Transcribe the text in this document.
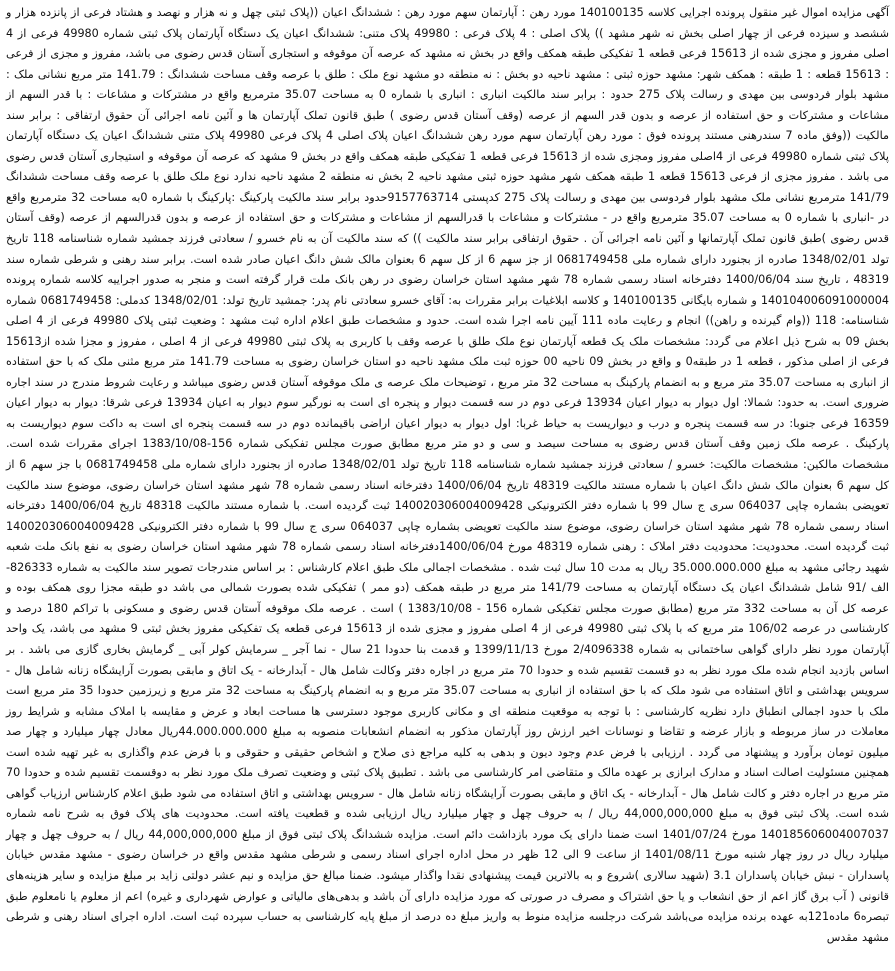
آگهی مزایده اموال غیر منقول پرونده اجرایی کلاسه 140100135 مورد رهن : آپارتمان سهم مورد رهن : ششدانگ اعیان ((پلاک ثبتی چهل و نه هزار و نهصد و هشتاد فرعی از پانزده هزار و ششصد و سیزده فرعی از چهار اصلی بخش نه شهر مشهد )) پلاک اصلی : 4 پلاک فرعی : 49980 پلاک متنی: ششدانگ اعیان یک دستگاه آپارتمان پلاک ثبتی شماره 49980 فرعی از 4 اصلی مفروز و مجزی شده از 15613 فرعی قطعه 1 تفکیکی طبقه همکف واقع در بخش نه مشهد که عرصه آن موقوفه و استجاری آستان قدس رضوی می باشد، مفروز و مجزی از فرعی : 15613 قطعه : 1 طبقه : همکف شهر: مشهد حوزه ثبتی : مشهد ناحیه دو بخش : نه منطقه دو مشهد نوع ملک : طلق با عرصه وقف مساحت ششدانگ : 141.79 متر مربع نشانی ملک : مشهد بلوار فردوسی بین مهدی و رسالت پلاک 275 حدود : برابر سند مالکیت انباری : انباری با شماره 0 به مساحت 35.07 مترمربع واقع در مشترکات و مشاعات : با قدر السهم از مشاعات و مشترکات و حق استفاده از عرصه و بدون قدر السهم از عرصه (وقف آستان قدس رضوی ) طبق قانون تملک آپارتمان ها و آئین نامه اجرائی آن حقوق ارتفاقی : برابر سند مالکیت ((وفق ماده 7 سندرهنی مستند پرونده فوق : مورد رهن آپارتمان سهم مورد رهن ششدانگ اعیان پلاک اصلی 4 پلاک فرعی 49980 پلاک متنی ششدانگ اعیان یک دستگاه آپارتمان پلاک ثبتی شماره 49980 فرعی از 4اصلی مفروز ومجزی شده از 15613 فرعی قطعه 1 تفکیکی طبقه همکف واقع در بخش 9 مشهد که عرصه آن موقوفه و استیجاری آستان قدس رضوی می باشد . مفروز مجزی از فرعی 15613 قطعه 1 طبقه همکف شهر مشهد حوزه ثبتی مشهد ناحیه 2 بخش نه منطقه 2 مشهد ناحیه ندارد نوع ملک طلق با عرصه وقف مساحت ششدانگ 141/79 مترمربع نشانی ملک مشهد بلوار فردوسی بین مهدی و رسالت پلاک 275 کدپستی 9157763714حدود برابر سند مالکیت پارکینگ :پارکینگ با شماره 0به مساحت 32 مترمربع واقع در -انباری با شماره 0 به مساحت 35.07 مترمربع واقع در - مشترکات و مشاعات با قدرالسهم از مشاعات و مشترکات و حق استفاده از عرصه و بدون قدرالسهم از عرصه (وقف آستان قدس رضوی )طبق قانون تملک آپارتمانها و آئین نامه اجرائی آن . حقوق ارتفاقی برابر سند مالکیت )) که سند مالکیت آن به نام خسرو / سعادتی فرزند جمشید شماره شناسنامه 118 تاریخ تولد 1348/02/01 صادره از بجنورد دارای شماره ملی 0681749458 از جز سهم 6 از کل سهم 6 بعنوان مالک شش دانگ اعیان صادر شده است. برابر سند رهنی و شرطی شماره سند 48319 ، تاریخ سند 1400/06/04 دفترخانه اسناد رسمی شماره 78 شهر مشهد استان خراسان رضوی در رهن بانک ملت قرار گرفته است و منجر به صدور اجراییه کلاسه شماره پرونده 140104006091000004 و شماره بایگانی 140100135 و کلاسه ابلاغیات برابر مقررات به: آقای خسرو سعادتی نام پدر: جمشید تاریخ تولد: 1348/02/01 کدملی: 0681749458 شماره شناسنامه: 118 ((وام گیرنده و راهن)) انجام و رعایت ماده 111 آیین نامه اجرا شده است. حدود و مشخصات طبق اعلام اداره ثبت مشهد : وضعیت ثبتی پلاک 49980 فرعی از 4 اصلی بخش 09 به شرح ذیل اعلام می گردد: مشخصات ملک یک قطعه آپارتمان نوع ملک طلق با عرصه وقف با کاربری به پلاک ثبتی 49980 فرعی از 4 اصلی ، مفروز و مجزا شده از15613 فرعی از اصلی مذکور ، قطعه 1 در طبقه0 و واقع در بخش 09 ناحیه 00 حوزه ثبت ملک مشهد ناحیه دو استان خراسان رضوی به مساحت 141.79 متر مربع مثنی ملک که با حق استفاده از انباری به مساحت 35.07 متر مربع و به انضمام پارکینگ به مساحت 32 متر مربع ، توضیحات ملک عرصه ی ملک موقوفه آستان قدس رضوی میباشد و رعایت شروط مندرج در سند اجاره ضروری است. به حدود: شمالا: اول دیوار به دیوار اعیان 13934 فرعی دوم در سه قسمت دیوار و پنجره ای است به نورگیر سوم دیوار به اعیان 13934 فرعی شرقا: دیوار به دیوار اعیان 16359 فرعی جنوبا: در سه قسمت پنجره و درب و دیواریست به حیاط غربا: اول دیوار به دیوار اعیان اراضی باقیمانده دوم در سه قسمت پنجره ای است به داکت سوم دیواریست به پارکینگ . عرصه ملک زمین وقف آستان قدس رضوی به مساحت سیصد و سی و دو متر مربع مطابق صورت مجلس تفکیکی شماره 156-1383/10/08 اجرای مقررات شده است. مشخصات مالکین: مشخصات مالکیت: خسرو / سعادتی فرزند جمشید شماره شناسنامه 118 تاریخ تولد 1348/02/01 صادره از بجنورد دارای شماره ملی 0681749458 با جز سهم 6 از کل سهم 6 بعنوان مالک شش دانگ اعیان با شماره مستند مالکیت 48319 تاریخ 1400/06/04 دفترخانه اسناد رسمی شماره 78 شهر مشهد استان خراسان رضوی، موضوع سند مالکیت تعویضی بشماره چاپی 064037 سری ج سال 99 با شماره دفتر الکترونیکی 140020306004009428 ثبت گردیده است. با شماره مستند مالکیت 48318 تاریخ 1400/06/04 دفترخانه اسناد رسمی شماره 78 شهر مشهد استان خراسان رضوی، موضوع سند مالکیت تعویضی بشماره چاپی 064037 سری ج سال 99 با شماره دفتر الکترونیکی 140020306004009428 ثبت گردیده است. محدودیت: محدودیت دفتر املاک : رهنی شماره 48319 مورخ 1400/06/04دفترخانه اسناد رسمی شماره 78 شهر مشهد استان خراسان رضوی به نفع بانک ملت شعبه شهید رجائی مشهد به مبلغ 35.000.000.000 ریال به مدت 10 سال ثبت شده . مشخصات اجمالی ملک طبق اعلام کارشناس : بر اساس مندرجات تصویر سند مالکیت به شماره 826333- الف /91 شامل ششدانگ اعیان یک دستگاه آپارتمان به مساحت 141/79 متر مربع در طبقه همکف (دو ممر ) تفکیکی شده بصورت شمالی می باشد دو طبقه مجزا روی همکف بوده و عرصه کل آن به مساحت 332 متر مربع (مطابق صورت مجلس تفکیکی شماره 156 - 1383/10/08 ) است . عرصه ملک موقوفه آستان قدس رضوی و مسکونی با تراکم 180 درصد و کارشناسی در عرصه 106/02 متر مربع که با پلاک ثبتی 49980 فرعی از 4 اصلی مفروز و مجزی شده از 15613 فرعی قطعه یک تفکیکی مفروز بخش ثبتی 9 مشهد می باشد، یک واحد آپارتمان مورد نظر دارای گواهی ساختمانی به شماره 2/4096338 مورخ 1399/11/13 و قدمت بنا حدودا 21 سال - نما آجر _ سرمایش کولر آبی _ گرمایش بخاری گازی می باشد . بر اساس بازدید انجام شده ملک مورد نظر به دو قسمت تقسیم شده و حدودا 70 متر مربع در اجاره دفتر وکالت شامل هال - آبدارخانه - یک اتاق و مابقی بصورت آرایشگاه زنانه شامل هال - سرویس بهداشتی و اتاق استفاده می شود ملک که با حق استفاده از انباری به مساحت 35.07 متر مربع و به انضمام پارکینگ به مساحت 32 متر مربع و زیرزمین حدودا 35 متر مربع است ملک با حدود اجمالی انطباق دارد نظریه کارشناسی : با توجه به موقعیت منطقه ای و مکانی کاربری موجود دسترسی ها مساحت ابعاد و عرض و مقایسه با املاک مشابه و شرایط روز معاملات در ساز مربوطه و بازار عرضه و تقاضا و نوسانات اخیر ارزش روز آپارتمان مذکور به انضمام انشعابات منصوبه به مبلغ 44.000.000.000ریال معادل چهار میلیارد و چهار صد میلیون تومان برآورد و پیشنهاد می گردد . ارزیابی با فرض عدم وجود دیون و بدهی به کلیه مراجع ذی صلاح و اشخاص حقیقی و حقوقی و با فرض عدم واگذاری به غیر تهیه شده است همچنین مسئولیت اصالت اسناد و مدارک ابرازی بر عهده مالک و متقاضی امر کارشناسی می باشد . تطبیق پلاک ثبتی و وضعیت تصرف ملک مورد نظر به دوقسمت تقسیم شده و حدودا 70 متر مربع در اجاره دفتر و کالت شامل هال - آبدارخانه - یک اتاق و مابقی بصورت آرایشگاه زنانه شامل هال - سرویس بهداشتی و اتاق استفاده می شود طبق اعلام کارشناس ارزیاب گواهی شده است. پلاک ثبتی فوق به مبلغ 44,000,000,000 ریال / به حروف چهل و چهار میلیارد ریال ارزیابی شده و قطعیت یافته است. محدودیت های پلاک فوق به شرح نامه شماره 140185606004007037 مورخ 1401/07/24 است ضمنا دارای یک مورد بازداشت دائم است. مزایده ششدانگ پلاک ثبتی فوق از مبلغ 44,000,000,000 ریال / به حروف چهل و چهار میلیارد ریال در روز چهار شنبه مورخ 1401/08/11 از ساعت 9 الی 12 ظهر در محل اداره اجرای اسناد رسمی و شرطی مشهد مقدس واقع در خراسان رضوی - مشهد مقدس خیابان پاسداران - نبش خیابان پاسداران 3.1 (شهید سالاری )شروع و به بالاترین قیمت پیشنهادی نقدا واگذار میشود. ضمنا مبالغ حق مزایده و نیم عشر دولتی زاید بر مبلغ مزایده و سایر هزینه‌های قانونی ( آب برق گاز اعم از حق انشعاب و یا حق اشتراک و مصرف در صورتی که مورد مزایده دارای آن باشد و بدهی‌های مالیاتی و عوارض شهرداری و غیره) اعم از معلوم یا نامعلوم طبق تبصره6 ماده121به عهده برنده مزایده می‌باشد شرکت درجلسه مزایده منوط به واریز مبلغ ده درصد از مبلغ پایه کارشناسی به حساب سپرده ثبت است. اداره اجرای اسناد رهنی و شرطی مشهد مقدس
